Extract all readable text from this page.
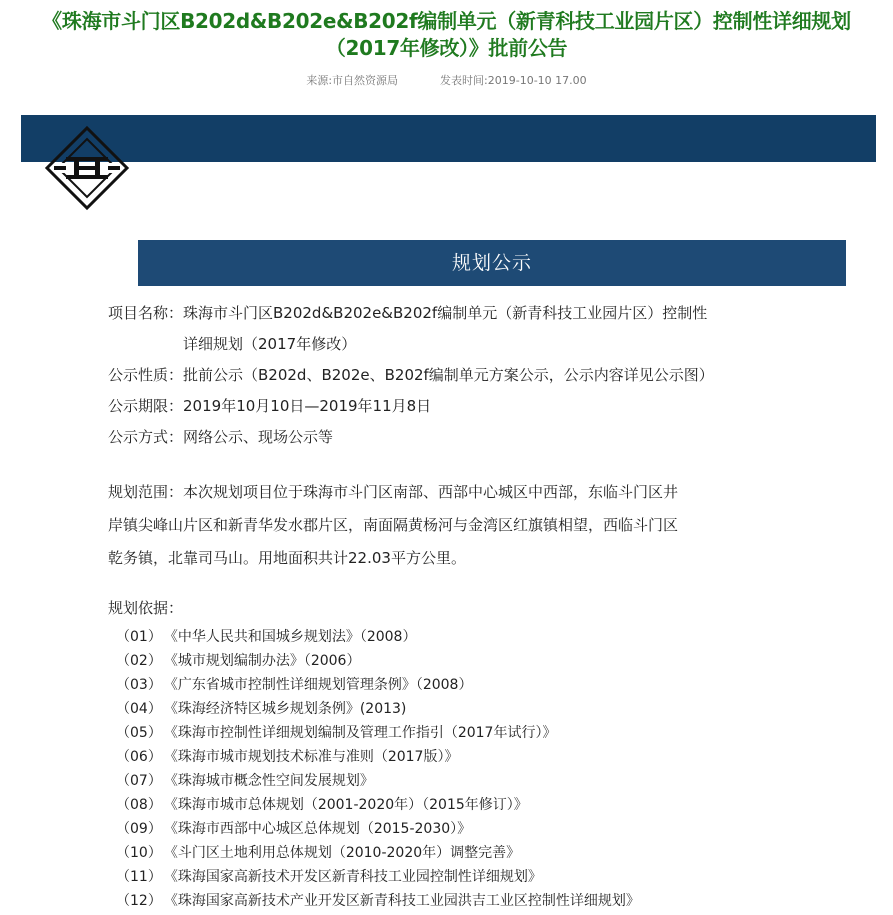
《珠海市斗门区B202d&B202e&B202f编制单元（新青科技工业园片区）控制性详细规划
（2017年修改）》批前公告
来源:市自然资源局	发表时间:2019-10-10 17.00
规划公示
项目名称： 珠海市斗门区B202d&B202e&B202f编制单元（新青科技工业园片区）控制性
详细规划（2017年修改）
公示性质： 批前公示（B202d、B202e、B202f编制单元方案公示，公示内容详见公示图）
公示期限： 2019年10月10日—2019年11月8日
公示方式： 网络公示、现场公示等
规划范围：本次规划项目位于珠海市斗门区南部、西部中心城区中西部，东临斗门区井
岸镇尖峰山片区和新青华发水郡片区，南面隔黄杨河与金湾区红旗镇相望，西临斗门区
乾务镇，北靠司马山。用地面积共计22.03平方公里。
规划依据：
（01） 《中华人民共和国城乡规划法》（2008）
（02） 《城市规划编制办法》（2006）
（03） 《广东省城市控制性详细规划管理条例》（2008）
（04） 《珠海经济特区城乡规划条例》(2013)
（05） 《珠海市控制性详细规划编制及管理工作指引（2017年试行）》
（06） 《珠海市城市规划技术标准与准则（2017版）》
（07） 《珠海城市概念性空间发展规划》
（08） 《珠海市城市总体规划（2001-2020年）（2015年修订）》
（09） 《珠海市西部中心城区总体规划（2015-2030）》
（10） 《斗门区土地利用总体规划（2010-2020年）调整完善》
（11） 《珠海国家高新技术开发区新青科技工业园控制性详细规划》
（12） 《珠海国家高新技术产业开发区新青科技工业园洪吉工业区控制性详细规划》
